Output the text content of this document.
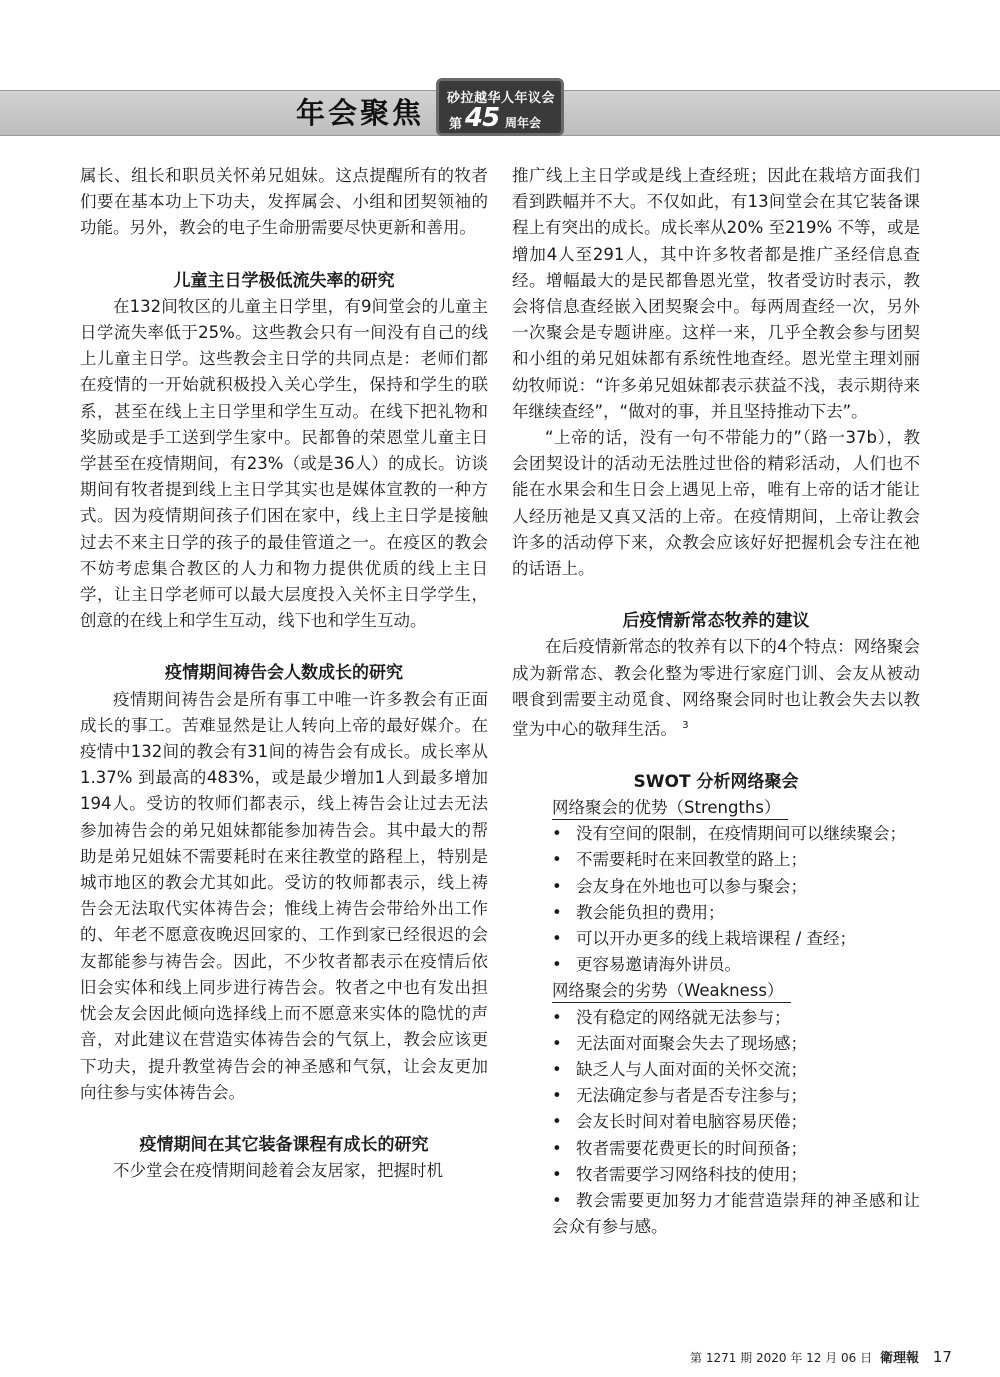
年会聚焦 砂拉越华人年议会
第 45 周年会

属长、组长和职员关怀弟兄姐妹。这点提醒所有的牧者们要在基本功上下功夫，发挥属会、小组和团契领袖的功能。另外，教会的电子生命册需要尽快更新和善用。

儿童主日学极低流失率的研究

在132间牧区的儿童主日学里，有9间堂会的儿童主日学流失率低于25%。这些教会只有一间没有自己的线上儿童主日学。这些教会主日学的共同点是：老师们都在疫情的一开始就积极投入关心学生，保持和学生的联系，甚至在线上主日学里和学生互动。在线下把礼物和奖励或是手工送到学生家中。民都鲁的荣恩堂儿童主日学甚至在疫情期间，有23%（或是36人）的成长。访谈期间有牧者提到线上主日学其实也是媒体宣教的一种方式。因为疫情期间孩子们困在家中，线上主日学是接触过去不来主日学的孩子的最佳管道之一。在疫区的教会不妨考虑集合教区的人力和物力提供优质的线上主日学，让主日学老师可以最大层度投入关怀主日学学生，创意的在线上和学生互动，线下也和学生互动。

疫情期间祷告会人数成长的研究

疫情期间祷告会是所有事工中唯一许多教会有正面成长的事工。苦难显然是让人转向上帝的最好媒介。在疫情中132间的教会有31间的祷告会有成长。成长率从1.37% 到最高的483%，或是最少增加1人到最多增加194人。受访的牧师们都表示，线上祷告会让过去无法参加祷告会的弟兄姐妹都能参加祷告会。其中最大的帮助是弟兄姐妹不需要耗时在来往教堂的路程上，特别是城市地区的教会尤其如此。受访的牧师都表示，线上祷告会无法取代实体祷告会；惟线上祷告会带给外出工作的、年老不愿意夜晚迟回家的、工作到家已经很迟的会友都能参与祷告会。因此，不少牧者都表示在疫情后依旧会实体和线上同步进行祷告会。牧者之中也有发出担忧会友会因此倾向选择线上而不愿意来实体的隐忧的声音，对此建议在营造实体祷告会的气氛上，教会应该更下功夫，提升教堂祷告会的神圣感和气氛，让会友更加向往参与实体祷告会。

疫情期间在其它装备课程有成长的研究

不少堂会在疫情期间趁着会友居家，把握时机

推广线上主日学或是线上查经班；因此在栽培方面我们看到跌幅并不大。不仅如此，有13间堂会在其它装备课程上有突出的成长。成长率从20% 至219% 不等，或是增加4人至291人，其中许多牧者都是推广圣经信息查经。增幅最大的是民都鲁恩光堂，牧者受访时表示，教会将信息查经嵌入团契聚会中。每两周查经一次，另外一次聚会是专题讲座。这样一来，几乎全教会参与团契和小组的弟兄姐妹都有系统性地查经。恩光堂主理刘丽幼牧师说：“许多弟兄姐妹都表示获益不浅，表示期待来年继续查经”，“做对的事，并且坚持推动下去”。

“上帝的话，没有一句不带能力的”（路一37b），教会团契设计的活动无法胜过世俗的精彩活动，人们也不能在水果会和生日会上遇见上帝，唯有上帝的话才能让人经历祂是又真又活的上帝。在疫情期间，上帝让教会许多的活动停下来，众教会应该好好把握机会专注在祂的话语上。

后疫情新常态牧养的建议

在后疫情新常态的牧养有以下的4个特点：网络聚会成为新常态、教会化整为零进行家庭门训、会友从被动喂食到需要主动觅食、网络聚会同时也让教会失去以教堂为中心的敬拜生活。 $^3$

SWOT 分析网络聚会
网络聚会的优势（Strengths）
• 没有空间的限制，在疫情期间可以继续聚会；
• 不需要耗时在来回教堂的路上；
• 会友身在外地也可以参与聚会；
• 教会能负担的费用；
• 可以开办更多的线上栽培课程 / 查经；
• 更容易邀请海外讲员。
网络聚会的劣势（Weakness）
• 没有稳定的网络就无法参与；
• 无法面对面聚会失去了现场感；
• 缺乏人与人面对面的关怀交流；
• 无法确定参与者是否专注参与；
• 会友长时间对着电脑容易厌倦；
• 牧者需要花费更长的时间预备；
• 牧者需要学习网络科技的使用；

• 教会需要更加努力才能营造崇拜的神圣感和让会众有参与感。

第 1271 期 2020 年 12 月 06 日 衛理報 17
